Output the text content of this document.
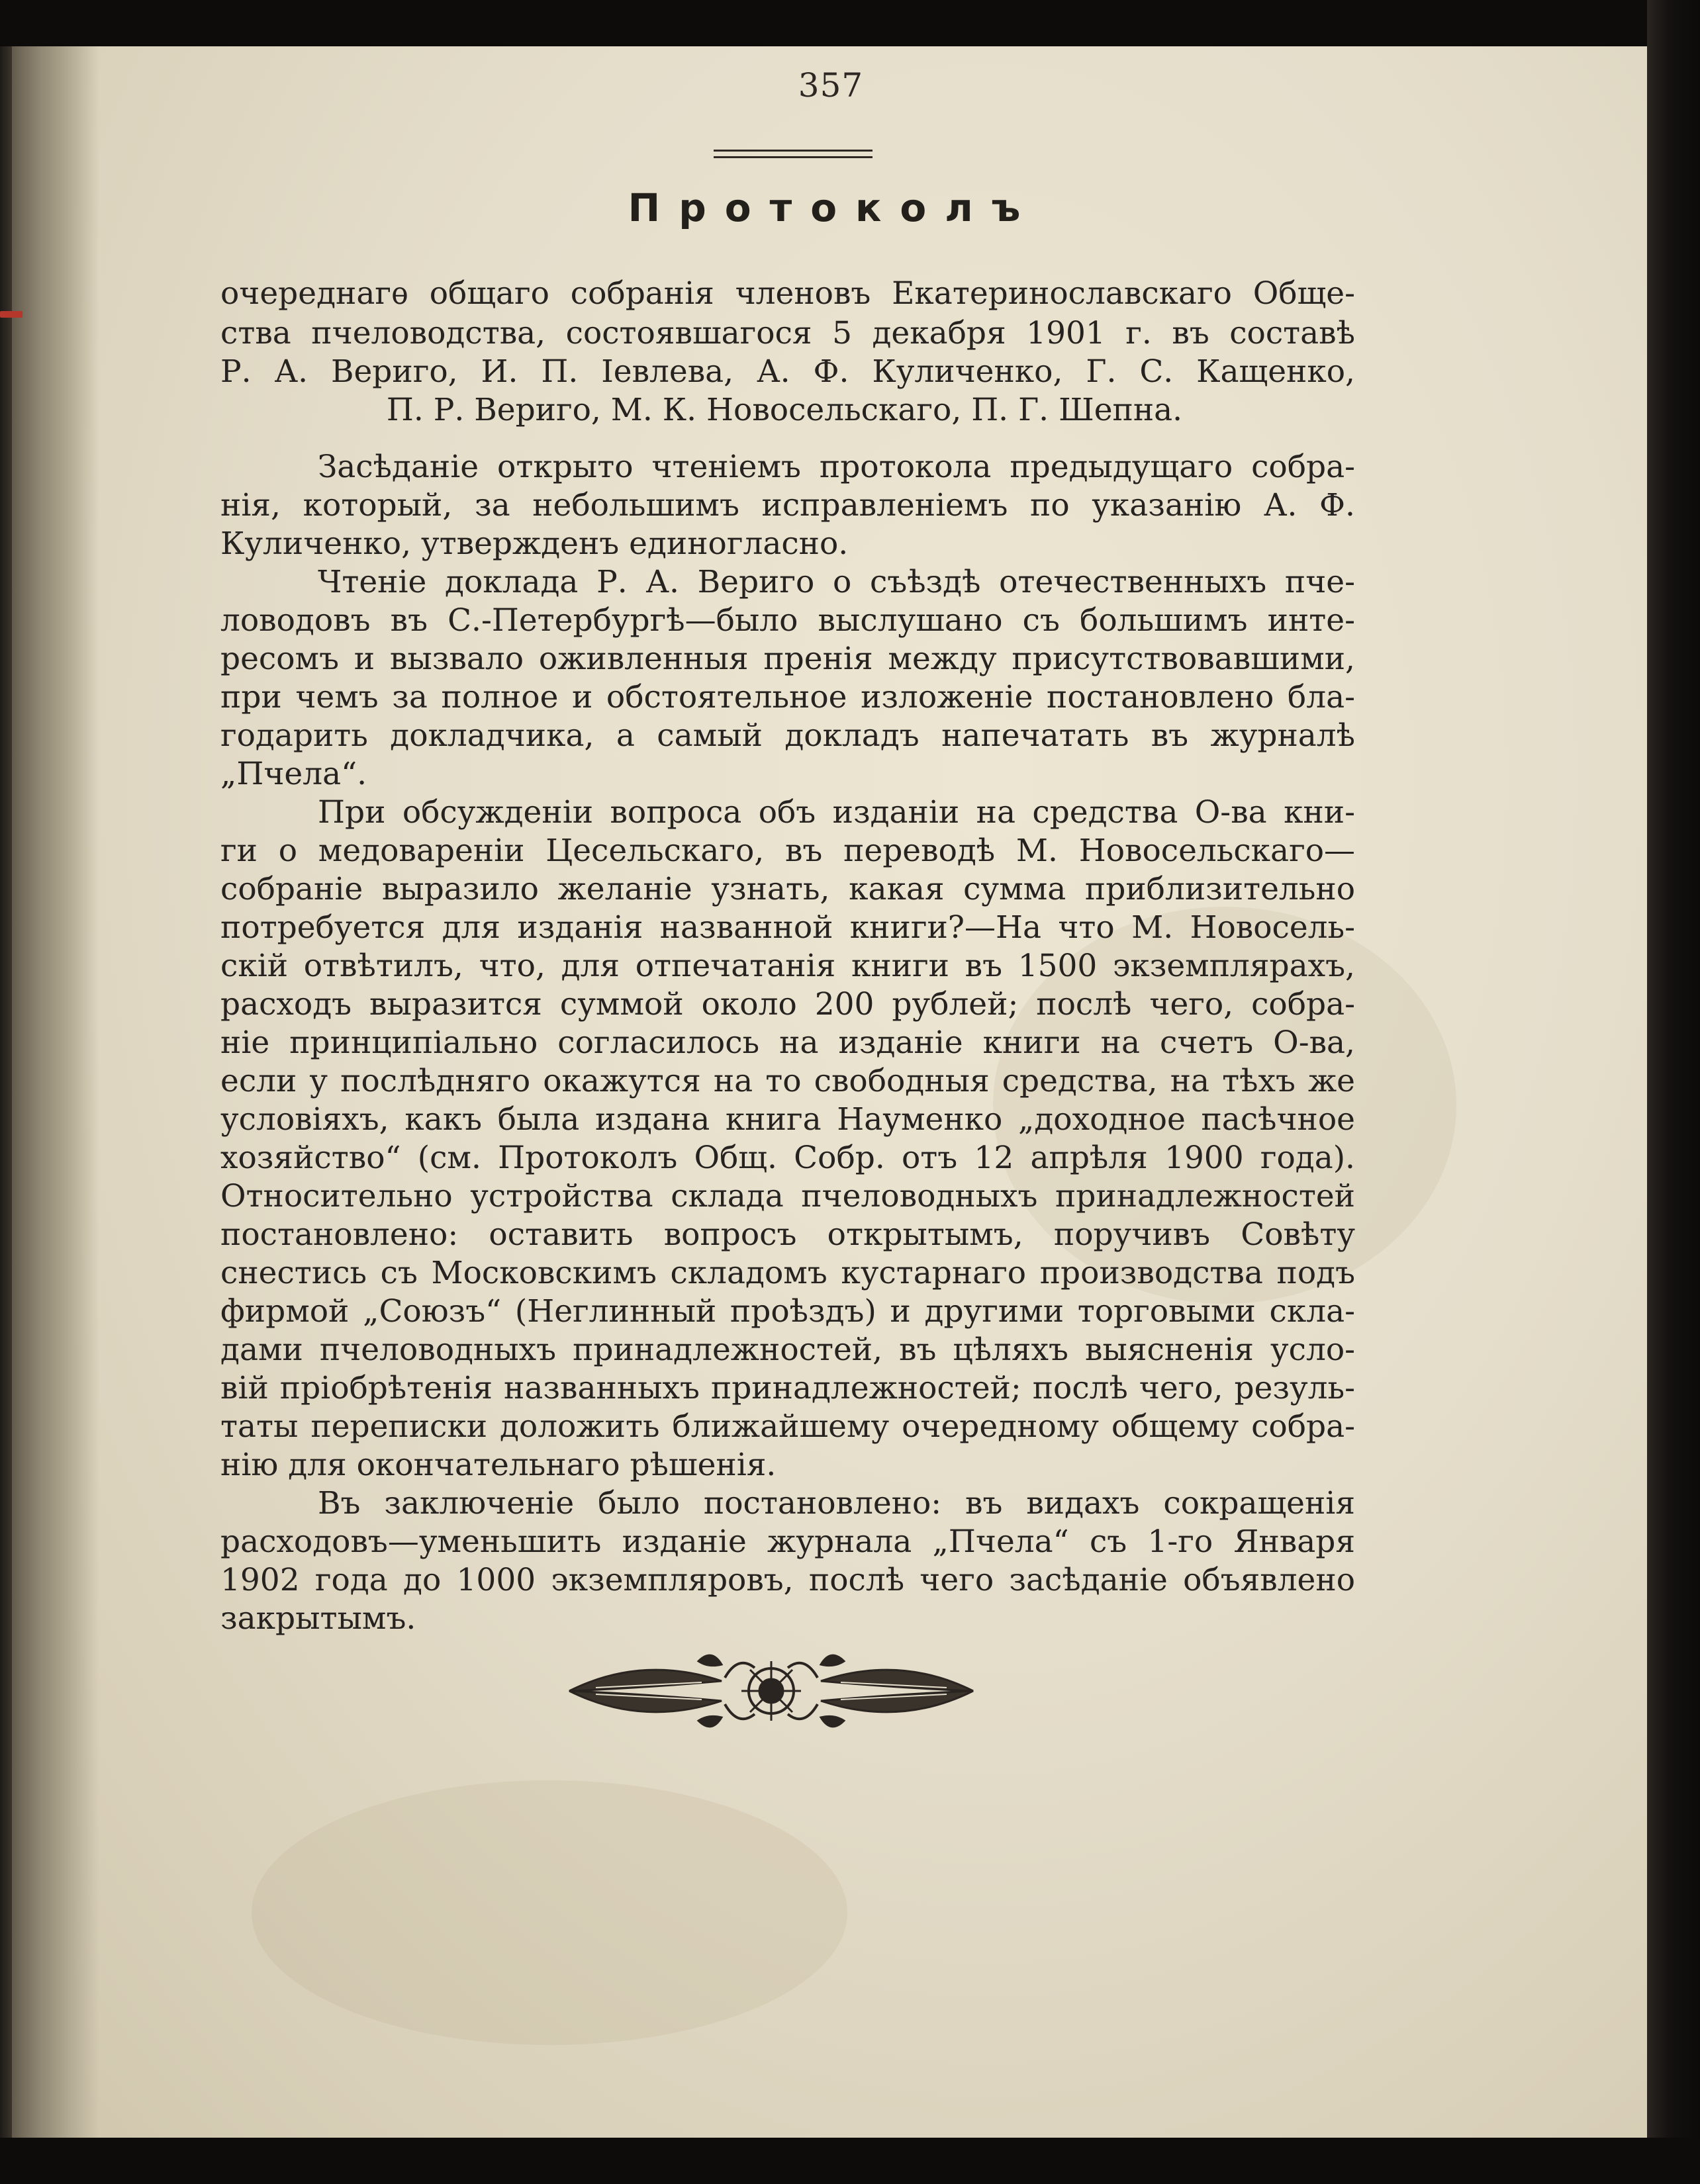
357
Протоколъ
очереднагѳ общаго собранія членовъ Екатеринославскаго Обще-
ства пчеловодства, состоявшагося 5 декабря 1901 г. въ составѣ
Р. А. Вериго, И. П. Іевлева, А. Ф. Куличенко, Г. С. Кащенко,
П. Р. Вериго, М. К. Новосельскаго, П. Г. Шепна.
Засѣданіе открыто чтеніемъ протокола предыдущаго собра-
нія, который, за небольшимъ исправленіемъ по указанію А. Ф.
Куличенко, утвержденъ единогласно.
Чтеніе доклада Р. А. Вериго о съѣздѣ отечественныхъ пче-
ловодовъ въ С.-Петербургѣ—было выслушано съ большимъ инте-
ресомъ и вызвало оживленныя пренія между присутствовавшими,
при чемъ за полное и обстоятельное изложеніе постановлено бла-
годарить докладчика, а самый докладъ напечатать въ журналѣ
„Пчела“.
При обсужденіи вопроса объ изданіи на средства О-ва кни-
ги о медовареніи Цесельскаго, въ переводѣ М. Новосельскаго—
собраніе выразило желаніе узнать, какая сумма приблизительно
потребуется для изданія названной книги?—На что М. Новосель-
скій отвѣтилъ, что, для отпечатанія книги въ 1500 экземплярахъ,
расходъ выразится суммой около 200 рублей; послѣ чего, собра-
ніе принципіально согласилось на изданіе книги на счетъ О-ва,
если у послѣдняго окажутся на то свободныя средства, на тѣхъ же
условіяхъ, какъ была издана книга Науменко „доходное пасѣчное
хозяйство“ (см. Протоколъ Общ. Собр. отъ 12 апрѣля 1900 года).
Относительно устройства склада пчеловодныхъ принадлежностей
постановлено: оставить вопросъ открытымъ, поручивъ Совѣту
снестись съ Московскимъ складомъ кустарнаго производства подъ
фирмой „Союзъ“ (Неглинный проѣздъ) и другими торговыми скла-
дами пчеловодныхъ принадлежностей, въ цѣляхъ выясненія усло-
вій пріобрѣтенія названныхъ принадлежностей; послѣ чего, резуль-
таты переписки доложить ближайшему очередному общему собра-
нію для окончательнаго рѣшенія.
Въ заключеніе было постановлено: въ видахъ сокращенія
расходовъ—уменьшить изданіе журнала „Пчела“ съ 1-го Января
1902 года до 1000 экземпляровъ, послѣ чего засѣданіе объявлено
закрытымъ.
